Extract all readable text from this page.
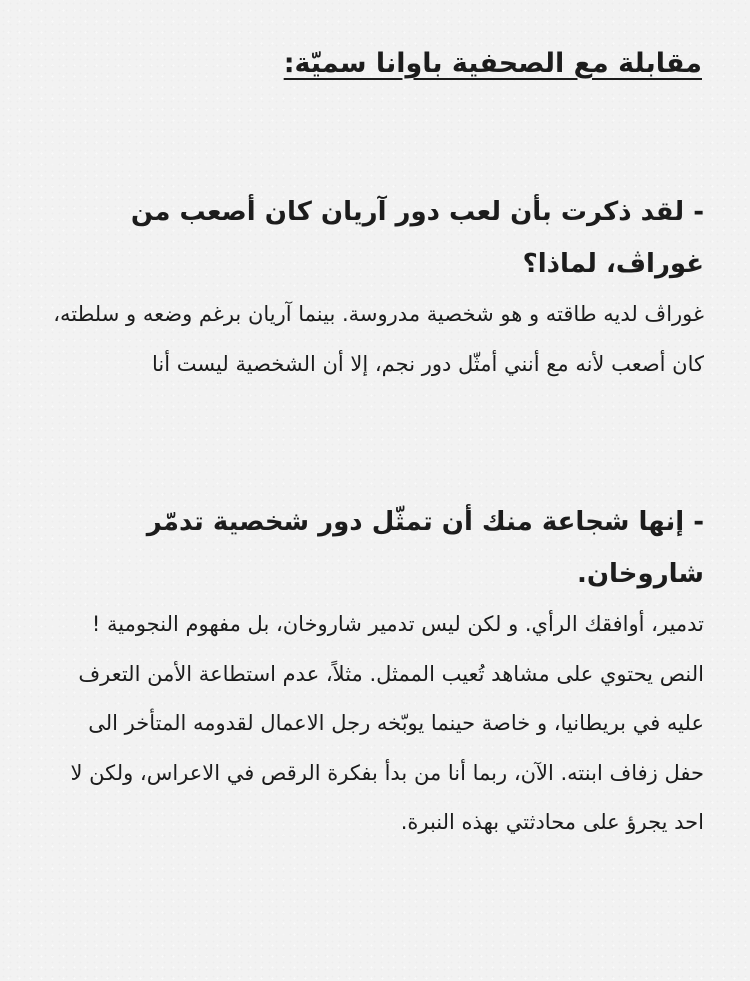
مقابلة مع الصحفية باوانا سميّة:

- لقد ذكرت بأن لعب دور آريان كان أصعب من غوراڤ، لماذا؟

غوراڤ لديه طاقته و هو شخصية مدروسة. بينما آريان برغم وضعه و سلطته، كان أصعب لأنه مع أنني أمثّل دور نجم، إلا أن الشخصية ليست أنا

- إنها شجاعة منك أن تمثّل دور شخصية تدمّر شاروخان.

تدمير، أوافقك الرأي. و لكن ليس تدمير شاروخان، بل مفهوم النجومية ! النص يحتوي على مشاهد تُعيب الممثل. مثلاً، عدم استطاعة الأمن التعرف عليه في بريطانيا، و خاصة حينما يوبّخه رجل الاعمال لقدومه المتأخر الى حفل زفاف ابنته. الآن، ربما أنا من بدأ بفكرة الرقص في الاعراس، ولكن لا احد يجرؤ على محادثتي بهذه النبرة.
